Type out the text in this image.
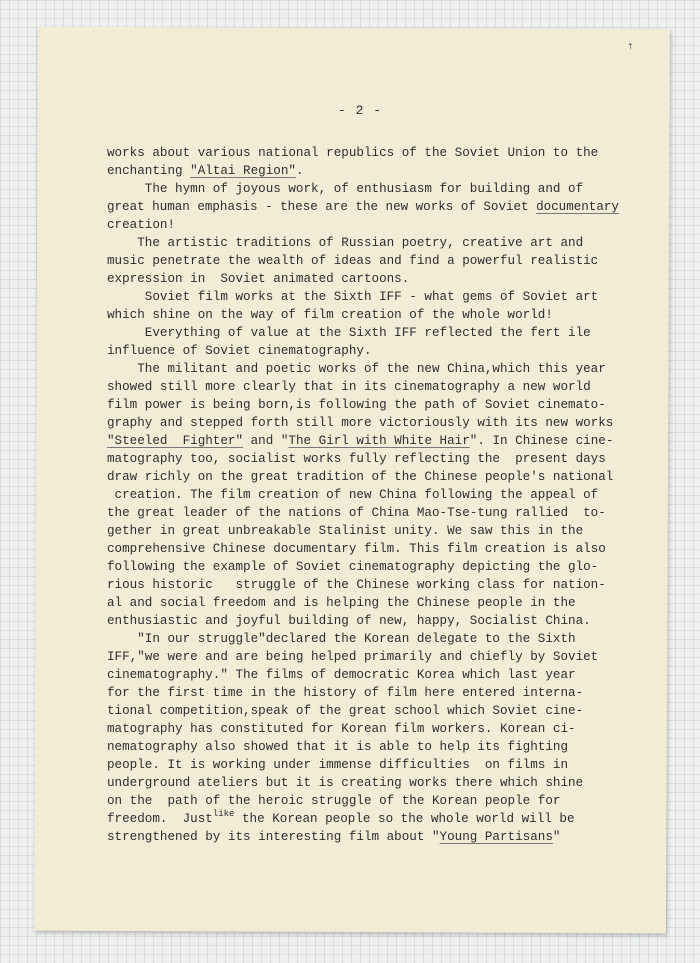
↑
- 2 -
works about various national republics of the Soviet Union to the
enchanting "Altai Region".
The hymn of joyous work, of enthusiasm for building and of
great human emphasis - these are the new works of Soviet documentary
creation!
The artistic traditions of Russian poetry, creative art and
music penetrate the wealth of ideas and find a powerful realistic
expression in  Soviet animated cartoons.
Soviet film works at the Sixth IFF - what gems of Soviet art
which shine on the way of film creation of the whole world!
Everything of value at the Sixth IFF reflected the fert ile
influence of Soviet cinematography.
The militant and poetic works of the new China,which this year
showed still more clearly that in its cinematography a new world
film power is being born,is following the path of Soviet cinemato-
graphy and stepped forth still more victoriously with its new works
"Steeled  Fighter" and "The Girl with White Hair". In Chinese cine-
matography too, socialist works fully reflecting the  present days
draw richly on the great tradition of the Chinese people's national
creation. The film creation of new China following the appeal of
the great leader of the nations of China Mao-Tse-tung rallied  to-
gether in great unbreakable Stalinist unity. We saw this in the
comprehensive Chinese documentary film. This film creation is also
following the example of Soviet cinematography depicting the glo-
rious historic   struggle of the Chinese working class for nation-
al and social freedom and is helping the Chinese people in the
enthusiastic and joyful building of new, happy, Socialist China.
"In our struggle"declared the Korean delegate to the Sixth
IFF,"we were and are being helped primarily and chiefly by Soviet
cinematography." The films of democratic Korea which last year
for the first time in the history of film here entered interna-
tional competition,speak of the great school which Soviet cine-
matography has constituted for Korean film workers. Korean ci-
nematography also showed that it is able to help its fighting
people. It is working under immense difficulties  on films in
underground ateliers but it is creating works there which shine
on the  path of the heroic struggle of the Korean people for
freedom.  Just$^{like}$ the Korean people so the whole world will be
strengthened by its interesting film about "Young Partisans"
